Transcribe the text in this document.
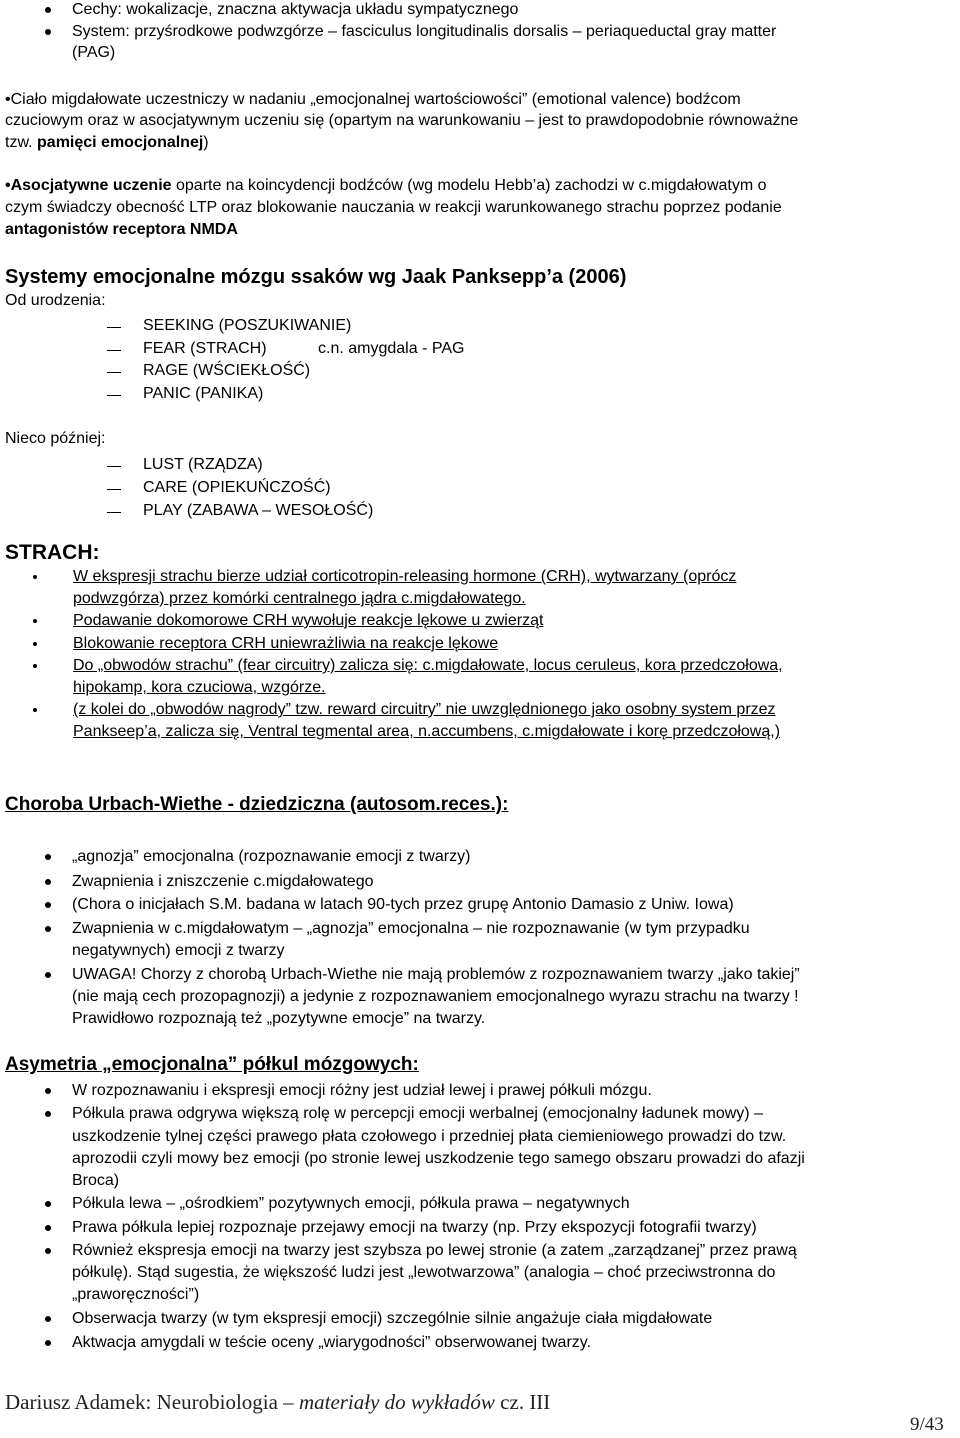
Cechy: wokalizacje, znaczna aktywacja układu sympatycznego
System: przyśrodkowe podwzgórze – fasciculus longitudinalis dorsalis – periaqueductal gray matter
(PAG)
•Ciało migdałowate uczestniczy w nadaniu „emocjonalnej wartościowości” (emotional valence) bodźcom
czuciowym oraz w asocjatywnym uczeniu się (opartym na warunkowaniu – jest to prawdopodobnie równoważne
tzw. pamięci emocjonalnej)
•Asocjatywne uczenie oparte na koincydencji bodźców (wg modelu Hebb’a) zachodzi w c.migdałowatym o
czym świadczy obecność LTP oraz blokowanie nauczania w reakcji warunkowanego strachu poprzez podanie
antagonistów receptora NMDA
Systemy emocjonalne mózgu ssaków wg Jaak Panksepp’a (2006)
Od urodzenia:
SEEKING (POSZUKIWANIE)
FEAR (STRACH)	c.n. amygdala - PAG
RAGE (WŚCIEKŁOŚĆ)
PANIC (PANIKA)
Nieco później:
LUST (RZĄDZA)
CARE (OPIEKUŃCZOŚĆ)
PLAY (ZABAWA – WESOŁOŚĆ)
STRACH:
W ekspresji strachu bierze udział corticotropin-releasing hormone (CRH), wytwarzany (oprócz
podwzgórza) przez komórki centralnego jądra c.migdałowatego.
Podawanie dokomorowe CRH wywołuje reakcje lękowe u zwierząt
Blokowanie receptora CRH uniewrażliwia na reakcje lękowe
Do „obwodów strachu” (fear circuitry) zalicza się: c.migdałowate, locus ceruleus, kora przedczołowa,
hipokamp, kora czuciowa, wzgórze.
(z kolei do „obwodów nagrody” tzw. reward circuitry” nie uwzględnionego jako osobny system przez
Pankseep’a, zalicza się, Ventral tegmental area, n.accumbens, c.migdałowate i korę przedczołową,)
Choroba Urbach-Wiethe - dziedziczna (autosom.reces.):
„agnozja” emocjonalna (rozpoznawanie emocji z twarzy)
Zwapnienia i zniszczenie c.migdałowatego
(Chora o inicjałach S.M. badana w latach 90-tych przez grupę Antonio Damasio z Uniw. Iowa)
Zwapnienia w c.migdałowatym – „agnozja” emocjonalna – nie rozpoznawanie (w tym przypadku
negatywnych) emocji z twarzy
UWAGA! Chorzy z chorobą Urbach-Wiethe nie mają problemów z rozpoznawaniem twarzy „jako takiej”
(nie mają cech prozopagnozji) a jedynie z rozpoznawaniem emocjonalnego wyrazu strachu na twarzy !
Prawidłowo rozpoznają też „pozytywne emocje” na twarzy.
Asymetria „emocjonalna” półkul mózgowych:
W rozpoznawaniu i ekspresji emocji różny jest udział lewej i prawej półkuli mózgu.
Półkula prawa odgrywa większą rolę w percepcji emocji werbalnej (emocjonalny ładunek mowy) –
uszkodzenie tylnej części prawego płata czołowego i przedniej płata ciemieniowego prowadzi do tzw.
aprozodii czyli mowy bez emocji (po stronie lewej uszkodzenie tego samego obszaru prowadzi do afazji
Broca)
Półkula lewa – „ośrodkiem” pozytywnych emocji, półkula prawa – negatywnych
Prawa półkula lepiej rozpoznaje przejawy emocji na twarzy (np. Przy ekspozycji fotografii twarzy)
Również ekspresja emocji na twarzy jest szybsza po lewej stronie (a zatem „zarządzanej” przez prawą
półkulę). Stąd sugestia, że większość ludzi jest „lewotwarzowa” (analogia – choć przeciwstronna do
„praworęczności”)
Obserwacja twarzy (w tym ekspresji emocji) szczególnie silnie angażuje ciała migdałowate
Aktwacja amygdali w teście oceny „wiarygodności” obserwowanej twarzy.
Dariusz Adamek: Neurobiologia – materiały do wykładów cz. III
9/43
